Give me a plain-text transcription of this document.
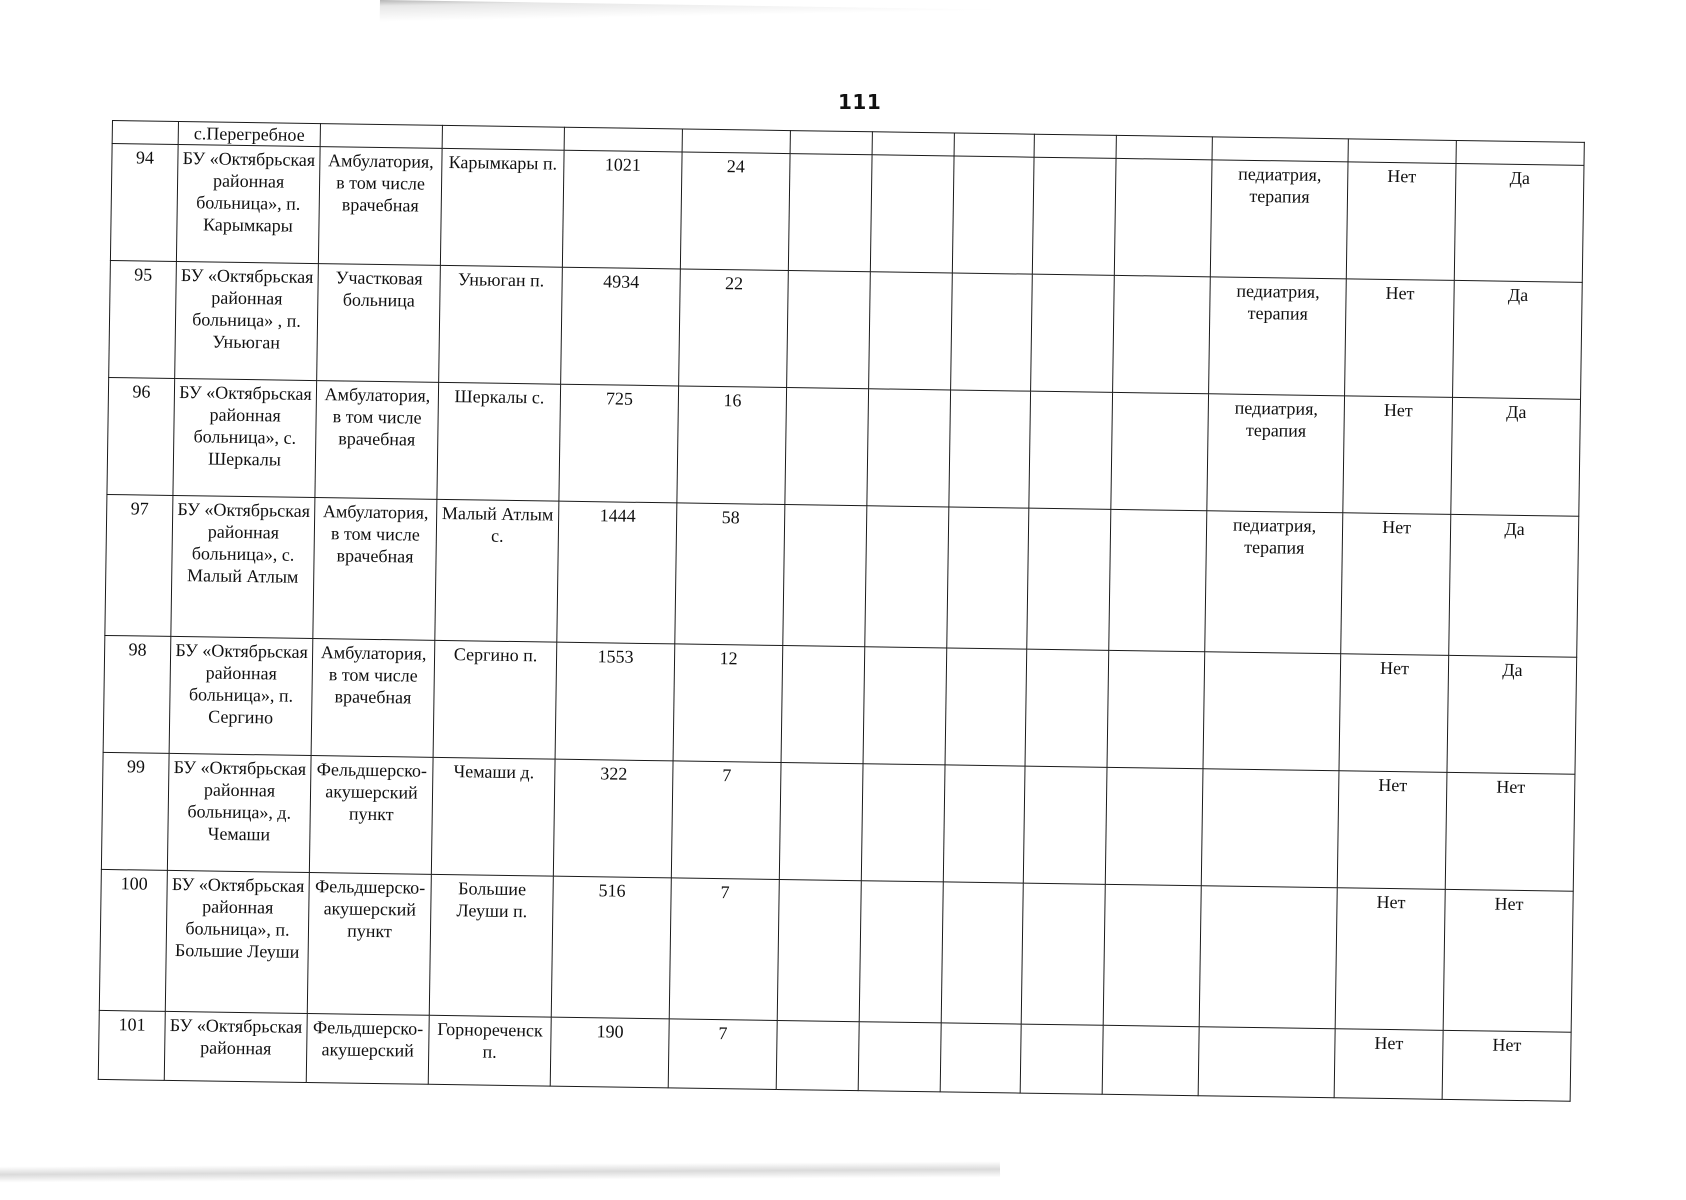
111
	с.Перегребное												
94	БУ «Октябрьская районная больница», п. Карымкары	Амбулатория, в том числе врачебная	Карымкары п.	1021	24						педиатрия, терапия	Нет	Да
95	БУ «Октябрьская районная больница» , п. Уньюган	Участковая больница	Уньюган п.	4934	22						педиатрия, терапия	Нет	Да
96	БУ «Октябрьская районная больница», с. Шеркалы	Амбулатория, в том числе врачебная	Шеркалы с.	725	16						педиатрия, терапия	Нет	Да
97	БУ «Октябрьская районная больница», с. Малый Атлым	Амбулатория, в том числе врачебная	Малый Атлым с.	1444	58						педиатрия, терапия	Нет	Да
98	БУ «Октябрьская районная больница», п. Сергино	Амбулатория, в том числе врачебная	Сергино п.	1553	12							Нет	Да
99	БУ «Октябрьская районная больница», д. Чемаши	Фельдшерско-акушерский пункт	Чемаши д.	322	7							Нет	Нет
100	БУ «Октябрьская районная больница», п. Большие Леуши	Фельдшерско-акушерский пункт	Большие Леуши п.	516	7							Нет	Нет
101	БУ «Октябрьская районная	Фельдшерско-акушерский	Горнореченск п.	190	7							Нет	Нет
